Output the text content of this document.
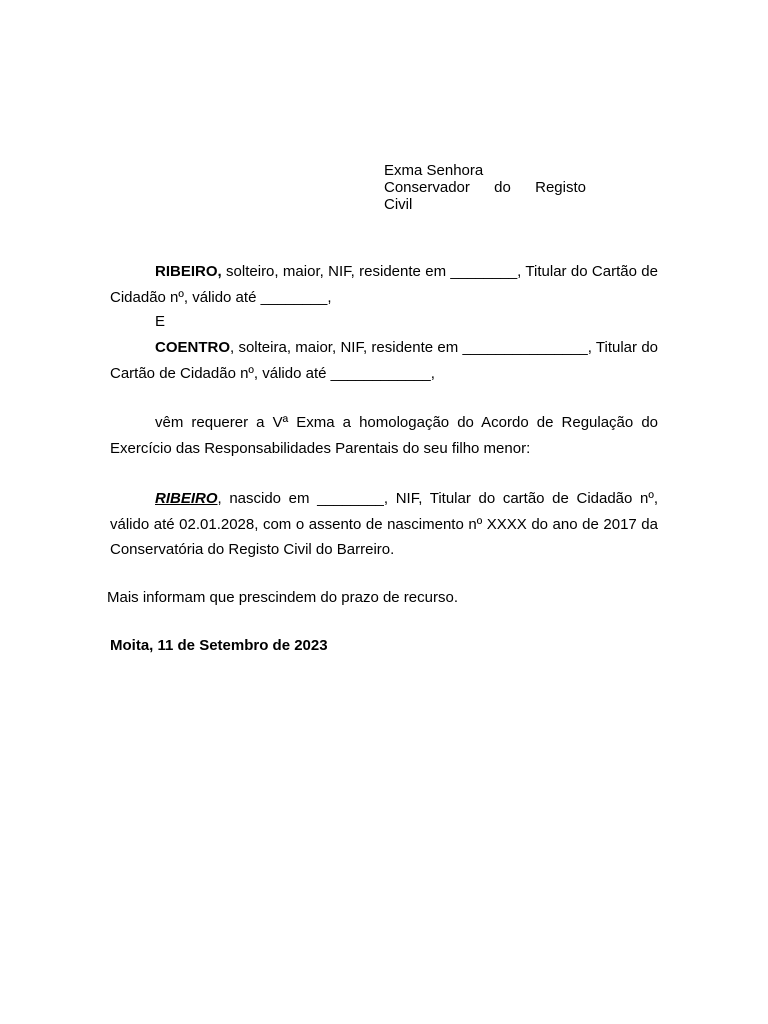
Exma Senhora
Conservador do Registo
Civil
RIBEIRO, solteiro, maior, NIF, residente em ________, Titular do Cartão de Cidadão nº, válido até ________,
E
COENTRO, solteira, maior, NIF, residente em _______________, Titular do Cartão de Cidadão nº, válido até ____________,
vêm requerer a Vª Exma a homologação do Acordo de Regulação do Exercício das Responsabilidades Parentais do seu filho menor:
RIBEIRO, nascido em ________, NIF, Titular do cartão de Cidadão nº, válido até 02.01.2028, com o assento de nascimento nº XXXX do ano de 2017 da Conservatória do Registo Civil do Barreiro.
Mais informam que prescindem do prazo de recurso.
Moita, 11 de Setembro de 2023
